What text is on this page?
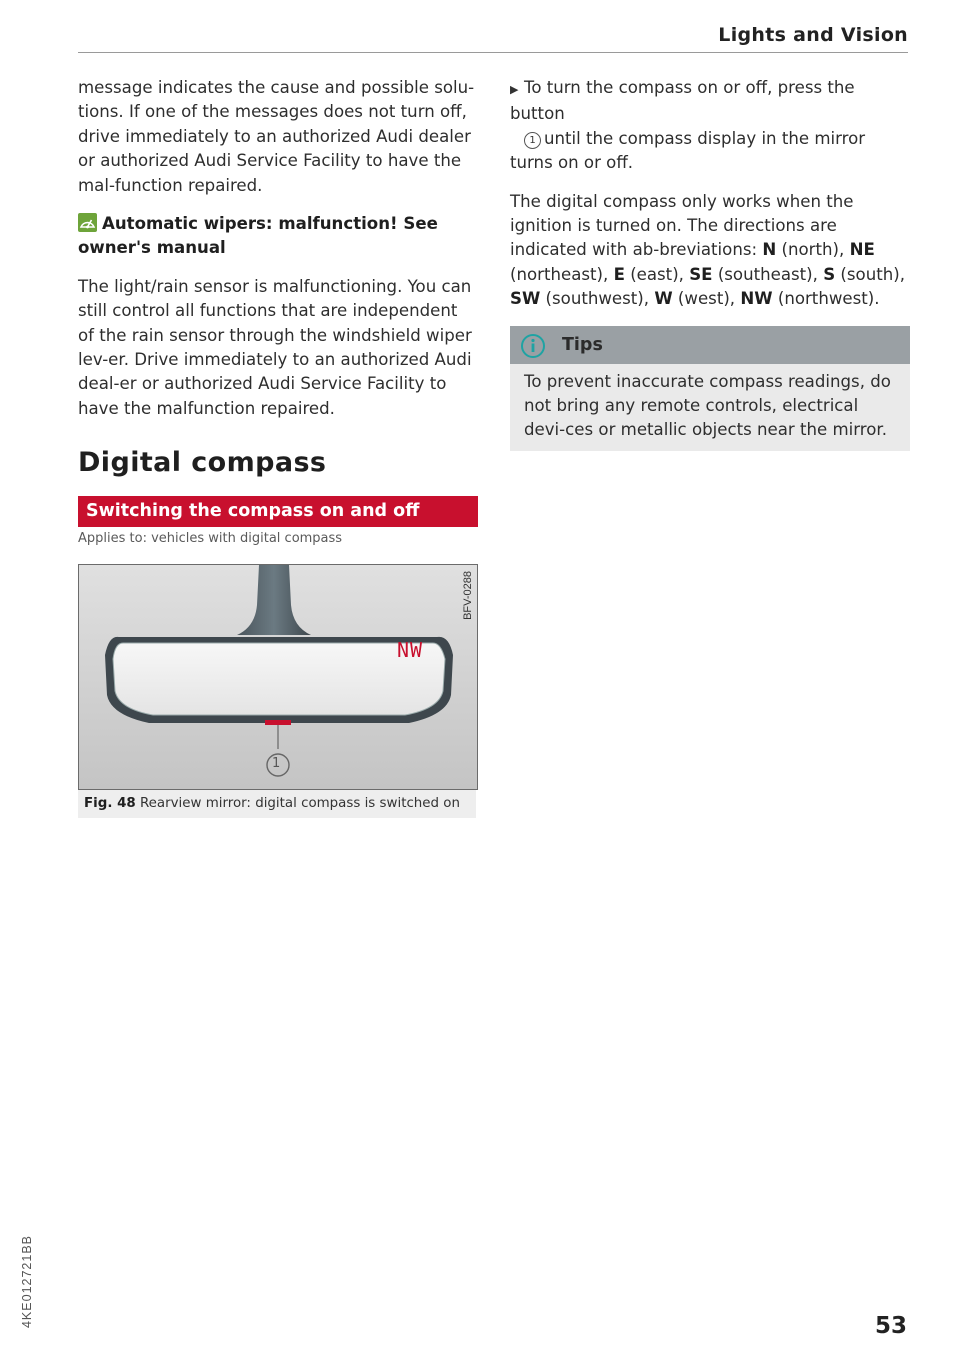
Lights and Vision

message indicates the cause and possible solu-tions. If one of the messages does not turn off, drive immediately to an authorized Audi dealer or authorized Audi Service Facility to have the mal-function repaired.

Automatic wipers: malfunction! See owner's manual

The light/rain sensor is malfunctioning. You can still control all functions that are independent of the rain sensor through the windshield wiper lev-er. Drive immediately to an authorized Audi deal-er or authorized Audi Service Facility to have the malfunction repaired.

Digital compass
Switching the compass on and off
Applies to: vehicles with digital compass
NW
1
BFV-0288
Fig. 48 Rearview mirror: digital compass is switched on

▶ To turn the compass on or off, press the button
1 until the compass display in the mirror turns on or off.

The digital compass only works when the ignition is turned on. The directions are indicated with ab-breviations: N (north), NE (northeast), E (east), SE (southeast), S (south), SW (southwest), W (west), NW (northwest).

Tips

To prevent inaccurate compass readings, do not bring any remote controls, electrical devi-ces or metallic objects near the mirror.

4KE012721BB	53
